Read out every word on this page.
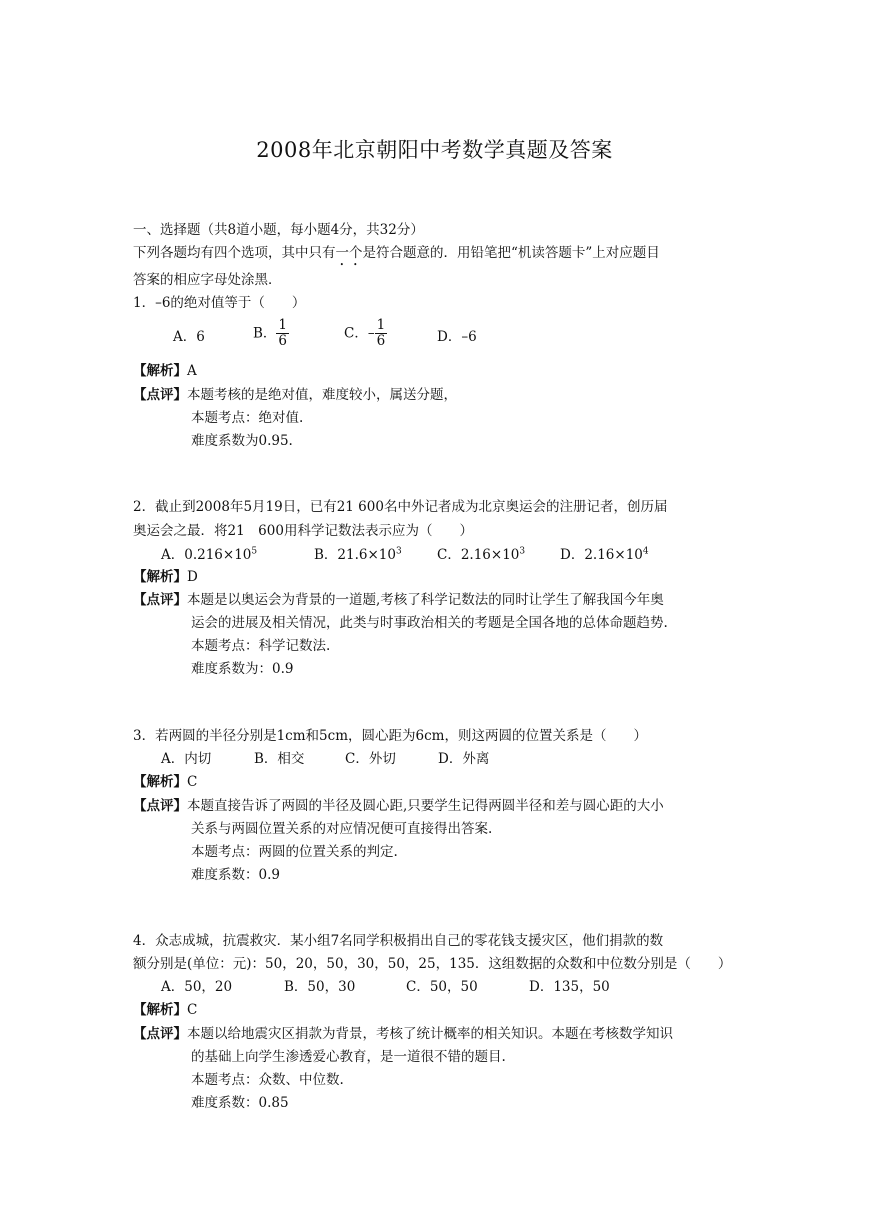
2008年北京朝阳中考数学真题及答案
一、选择题（共8道小题，每小题4分，共32分）
下列各题均有四个选项，其中只有一个是符合题意的．用铅笔把“机读答题卡”上对应题目
答案的相应字母处涂黑．
1．–6的绝对值等于（　　）
A．6	B． $\frac{1}{6}$	C．– $\frac{1}{6}$	D．–6
【解析】A
【点评】本题考核的是绝对值，难度较小，属送分题，
本题考点：绝对值.
难度系数为0.95.
2．截止到2008年5月19日，已有21 600名中外记者成为北京奥运会的注册记者，创历届
奥运会之最．将21　600用科学记数法表示应为（　　）
A．$0.216\times 10^5$	B．$21.6\times 10^3$	C．$2.16\times 10^3$	D．$2.16\times 10^4$
【解析】D
【点评】本题是以奥运会为背景的一道题,考核了科学记数法的同时让学生了解我国今年奥
运会的进展及相关情况，此类与时事政治相关的考题是全国各地的总体命题趋势.
本题考点：科学记数法.
难度系数为：0.9
3．若两圆的半径分别是1cm和5cm，圆心距为6cm，则这两圆的位置关系是（　　）
A．内切	B．相交	C．外切	D．外离
【解析】C
【点评】本题直接告诉了两圆的半径及圆心距,只要学生记得两圆半径和差与圆心距的大小
关系与两圆位置关系的对应情况便可直接得出答案.
本题考点：两圆的位置关系的判定.
难度系数：0.9
4．众志成城，抗震救灾．某小组7名同学积极捐出自己的零花钱支援灾区，他们捐款的数
额分别是(单位：元)：50，20，50，30，50，25，135．这组数据的众数和中位数分别是（　　）
A．50，20	B．50，30	C．50，50	D．135，50
【解析】C
【点评】本题以给地震灾区捐款为背景，考核了统计概率的相关知识。本题在考核数学知识
的基础上向学生渗透爱心教育，是一道很不错的题目.
本题考点：众数、中位数.
难度系数：0.85
